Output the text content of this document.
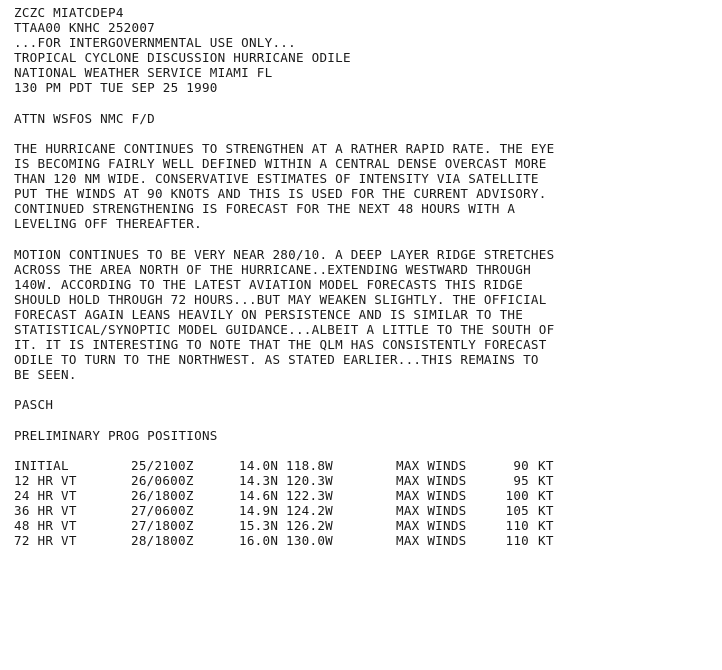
ZCZC MIATCDEP4
TTAA00 KNHC 252007
...FOR INTERGOVERNMENTAL USE ONLY...
TROPICAL CYCLONE DISCUSSION HURRICANE ODILE
NATIONAL WEATHER SERVICE MIAMI FL
130 PM PDT TUE SEP 25 1990
ATTN WSFOS NMC F/D
THE HURRICANE CONTINUES TO STRENGTHEN AT A RATHER RAPID RATE. THE EYE
IS BECOMING FAIRLY WELL DEFINED WITHIN A CENTRAL DENSE OVERCAST MORE
THAN 120 NM WIDE. CONSERVATIVE ESTIMATES OF INTENSITY VIA SATELLITE
PUT THE WINDS AT 90 KNOTS AND THIS IS USED FOR THE CURRENT ADVISORY.
CONTINUED STRENGTHENING IS FORECAST FOR THE NEXT 48 HOURS WITH A
LEVELING OFF THEREAFTER.
MOTION CONTINUES TO BE VERY NEAR 280/10. A DEEP LAYER RIDGE STRETCHES
ACROSS THE AREA NORTH OF THE HURRICANE..EXTENDING WESTWARD THROUGH
140W. ACCORDING TO THE LATEST AVIATION MODEL FORECASTS THIS RIDGE
SHOULD HOLD THROUGH 72 HOURS...BUT MAY WEAKEN SLIGHTLY. THE OFFICIAL
FORECAST AGAIN LEANS HEAVILY ON PERSISTENCE AND IS SIMILAR TO THE
STATISTICAL/SYNOPTIC MODEL GUIDANCE...ALBEIT A LITTLE TO THE SOUTH OF
IT. IT IS INTERESTING TO NOTE THAT THE QLM HAS CONSISTENTLY FORECAST
ODILE TO TURN TO THE NORTHWEST. AS STATED EARLIER...THIS REMAINS TO
BE SEEN.
PASCH
PRELIMINARY PROG POSITIONS
INITIAL	25/2100Z	14.0N 118.8W	MAX WINDS	90 KT
12 HR VT	26/0600Z	14.3N 120.3W	MAX WINDS	95 KT
24 HR VT	26/1800Z	14.6N 122.3W	MAX WINDS	100 KT
36 HR VT	27/0600Z	14.9N 124.2W	MAX WINDS	105 KT
48 HR VT	27/1800Z	15.3N 126.2W	MAX WINDS	110 KT
72 HR VT	28/1800Z	16.0N 130.0W	MAX WINDS	110 KT
